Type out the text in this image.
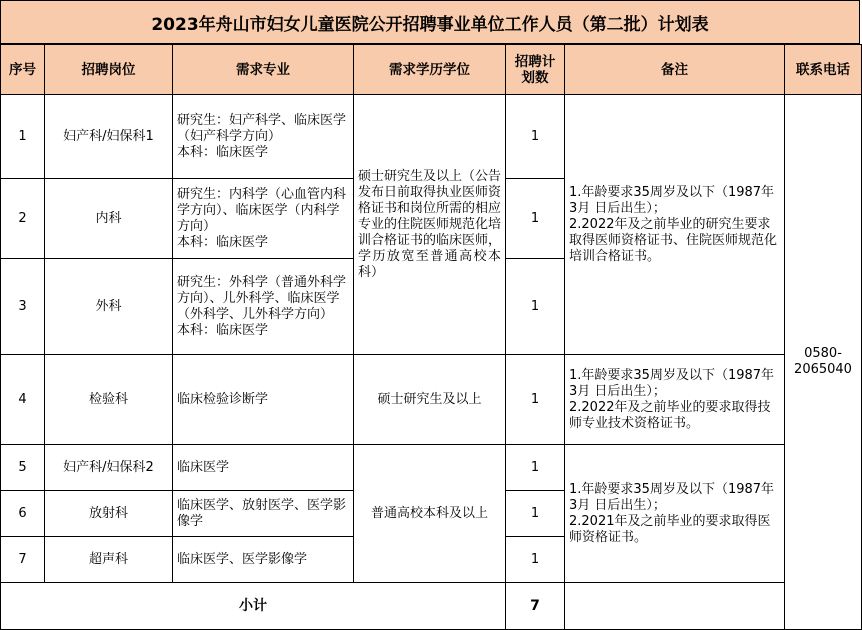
2023年舟山市妇女儿童医院公开招聘事业单位工作人员（第二批）计划表
序号	招聘岗位	需求专业	需求学历学位	招聘计划数	备注	联系电话
1	妇产科/妇保科1	研究生：妇产科学、临床医学（妇产科学方向）
本科：临床医学	硕士研究生及以上（公告发布日前取得执业医师资格证书和岗位所需的相应专业的住院医师规范化培训合格证书的临床医师，学历放宽至普通高校本科）	1	1.年龄要求35周岁及以下（1987年3月 日后出生）；
2.2022年及之前毕业的研究生要求取得医师资格证书、住院医师规范化培训合格证书。	0580-2065040
2	内科	研究生：内科学（心血管内科学方向）、临床医学（内科学方向）
本科：临床医学		1		
3	外科	研究生：外科学（普通外科学方向）、儿外科学、临床医学（外科学、儿外科学方向）
本科：临床医学		1		
4	检验科	临床检验诊断学	硕士研究生及以上	1	1.年龄要求35周岁及以下（1987年3月 日后出生）；
2.2022年及之前毕业的要求取得技师专业技术资格证书。	
5	妇产科/妇保科2	临床医学	普通高校本科及以上	1	1.年龄要求35周岁及以下（1987年3月 日后出生）；
2.2021年及之前毕业的要求取得医师资格证书。	
6	放射科	临床医学、放射医学、医学影像学		1		
7	超声科	临床医学、医学影像学		1		
小计				7		
